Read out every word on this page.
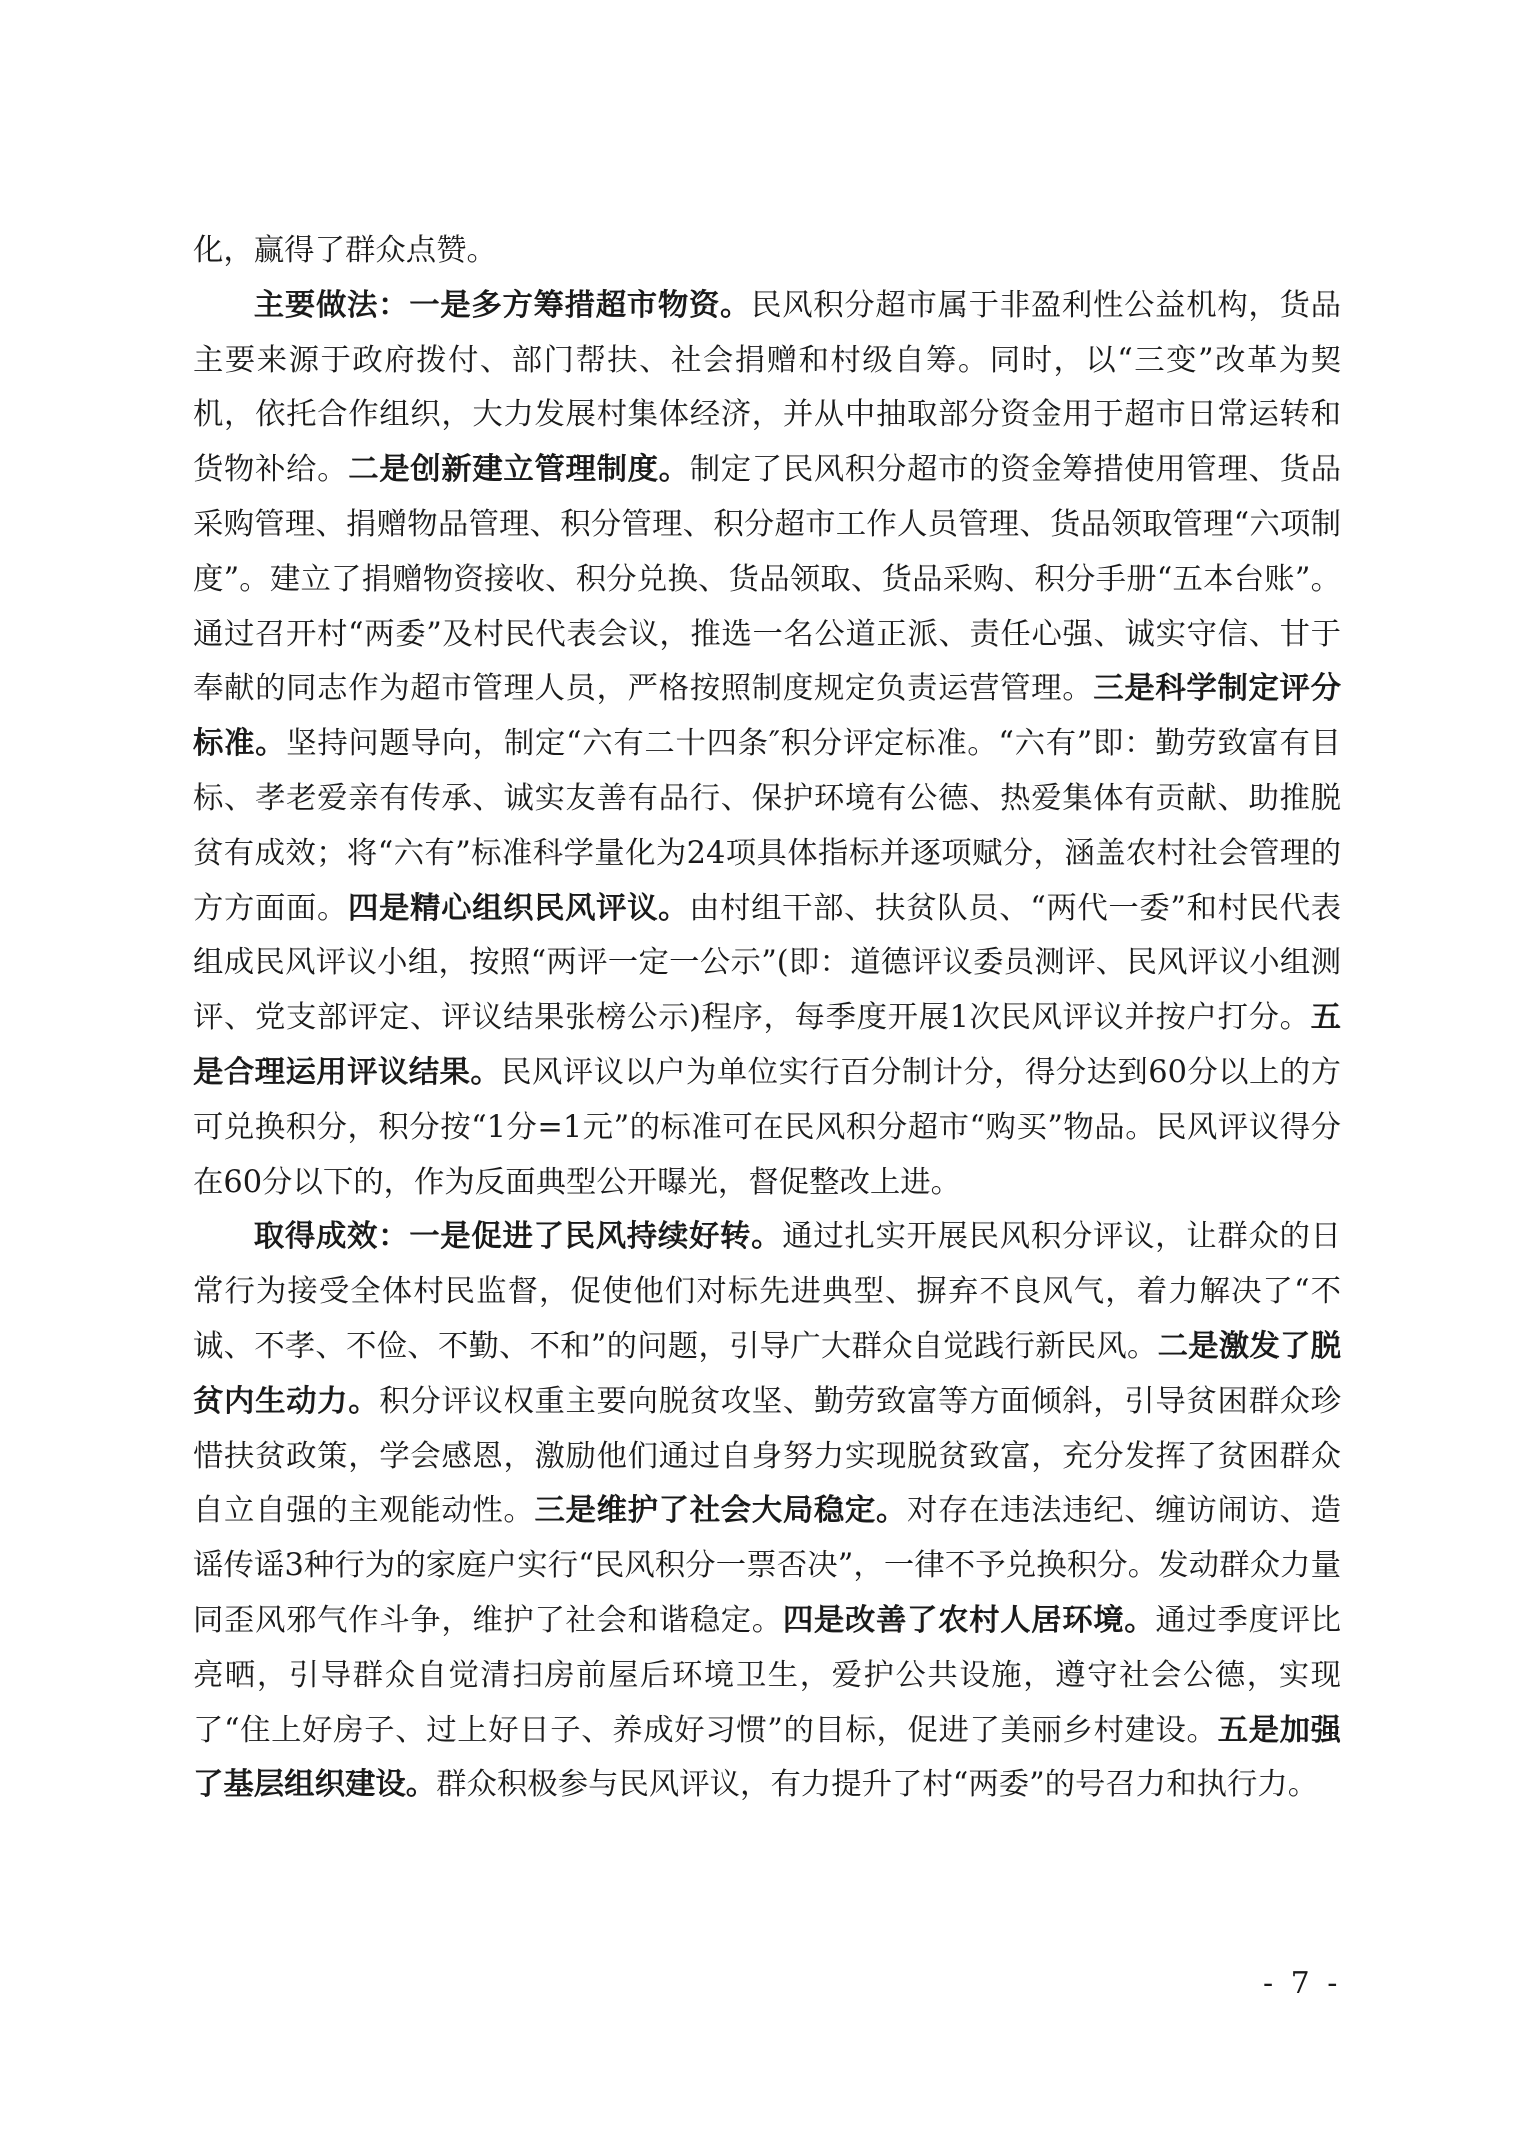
化，赢得了群众点赞。

主要做法：一是多方筹措超市物资。民风积分超市属于非盈利性公益机构，货品主要来源于政府拨付、部门帮扶、社会捐赠和村级自筹。同时，以“三变”改革为契机，依托合作组织，大力发展村集体经济，并从中抽取部分资金用于超市日常运转和货物补给。二是创新建立管理制度。制定了民风积分超市的资金筹措使用管理、货品采购管理、捐赠物品管理、积分管理、积分超市工作人员管理、货品领取管理“六项制度”。建立了捐赠物资接收、积分兑换、货品领取、货品采购、积分手册“五本台账”。通过召开村“两委”及村民代表会议，推选一名公道正派、责任心强、诚实守信、甘于奉献的同志作为超市管理人员，严格按照制度规定负责运营管理。三是科学制定评分标准。坚持问题导向，制定“六有二十四条″积分评定标准。“六有”即：勤劳致富有目标、孝老爱亲有传承、诚实友善有品行、保护环境有公德、热爱集体有贡献、助推脱贫有成效；将“六有”标准科学量化为24项具体指标并逐项赋分，涵盖农村社会管理的方方面面。四是精心组织民风评议。由村组干部、扶贫队员、“两代一委”和村民代表组成民风评议小组，按照“两评一定一公示”(即：道德评议委员测评、民风评议小组测评、党支部评定、评议结果张榜公示)程序，每季度开展1次民风评议并按户打分。五是合理运用评议结果。民风评议以户为单位实行百分制计分，得分达到60分以上的方可兑换积分，积分按“1分=1元”的标准可在民风积分超市“购买”物品。民风评议得分在60分以下的，作为反面典型公开曝光，督促整改上进。

取得成效：一是促进了民风持续好转。通过扎实开展民风积分评议，让群众的日常行为接受全体村民监督，促使他们对标先进典型、摒弃不良风气，着力解决了“不诚、不孝、不俭、不勤、不和”的问题，引导广大群众自觉践行新民风。二是激发了脱贫内生动力。积分评议权重主要向脱贫攻坚、勤劳致富等方面倾斜，引导贫困群众珍惜扶贫政策，学会感恩，激励他们通过自身努力实现脱贫致富，充分发挥了贫困群众自立自强的主观能动性。三是维护了社会大局稳定。对存在违法违纪、缠访闹访、造谣传谣3种行为的家庭户实行“民风积分一票否决”，一律不予兑换积分。发动群众力量同歪风邪气作斗争，维护了社会和谐稳定。四是改善了农村人居环境。通过季度评比亮晒，引导群众自觉清扫房前屋后环境卫生，爱护公共设施，遵守社会公德，实现了“住上好房子、过上好日子、养成好习惯”的目标，促进了美丽乡村建设。五是加强了基层组织建设。群众积极参与民风评议，有力提升了村“两委”的号召力和执行力。

- 7 -
